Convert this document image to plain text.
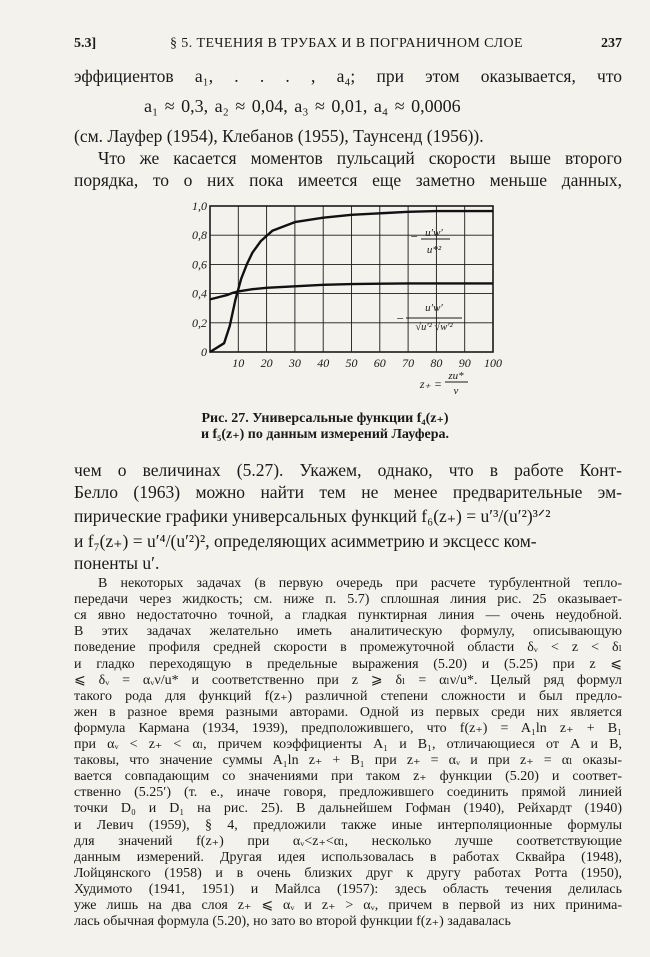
5.3]	§ 5. ТЕЧЕНИЯ В ТРУБАХ И В ПОГРАНИЧНОМ СЛОЕ	237
эффициентов a₁, . . . , a₄; при этом оказывается, что
a₁ ≈ 0,3, a₂ ≈ 0,04, a₃ ≈ 0,01, a₄ ≈ 0,0006
(см. Лауфер (1954), Клебанов (1955), Таунсенд (1956)).
Что же касается моментов пульсаций скорости выше второго
порядка, то о них пока имеется еще заметно меньше данных,
10 20 30 40 50 60 70 80 90 100
0
0,2
0,4
0,6
0,8
1,0
− u′w′
u*²
−
u′w′
√u′² √w′²
z₊ =
zu*
ν
Рис. 27. Универсальные функции f₄(z₊)
и f₅(z₊) по данным измерений Лауфера.
чем о величинах (5.27). Укажем, однако, что в работе Конт-
Белло (1963) можно найти тем не менее предварительные эм-
пирические графики универсальных функций f₆(z₊) = u′³/(u′²)³ᐟ²
и f₇(z₊) = u′⁴/(u′²)², определяющих асимметрию и эксцесс ком-
поненты u′.
В некоторых задачах (в первую очередь при расчете турбулентной тепло-
передачи через жидкость; см. ниже п. 5.7) сплошная линия рис. 25 оказывает-
ся явно недостаточно точной, а гладкая пунктирная линия — очень неудобной.
В этих задачах желательно иметь аналитическую формулу, описывающую
поведение профиля средней скорости в промежуточной области δᵥ < z < δₗ
и гладко переходящую в предельные выражения (5.20) и (5.25) при z ⩽
⩽ δᵥ = αᵥν/u* и соответственно при z ⩾ δₗ = αₗν/u*. Целый ряд формул
такого рода для функций f(z₊) различной степени сложности и был предло-
жен в разное время разными авторами. Одной из первых среди них является
формула Кармана (1934, 1939), предположившего, что f(z₊) = A₁ln z₊ + B₁
при αᵥ < z₊ < αₗ, причем коэффициенты A₁ и B₁, отличающиеся от A и B,
таковы, что значение суммы A₁ln z₊ + B₁ при z₊ = αᵥ и при z₊ = αₗ оказы-
вается совпадающим со значениями при таком z₊ функции (5.20) и соответ-
ственно (5.25′) (т. е., иначе говоря, предложившего соединить прямой линией
точки D₀ и D₁ на рис. 25). В дальнейшем Гофман (1940), Рейхардт (1940)
и Левич (1959), § 4, предложили также иные интерполяционные формулы
для значений f(z₊) при αᵥ<z₊<αₗ, несколько лучше соответствующие
данным измерений. Другая идея использовалась в работах Сквайра (1948),
Лойцянского (1958) и в очень близких друг к другу работах Ротта (1950),
Худимото (1941, 1951) и Майлса (1957): здесь область течения делилась
уже лишь на два слоя z₊ ⩽ αᵥ и z₊ > αᵥ, причем в первой из них принима-
лась обычная формула (5.20), но зато во второй функции f(z₊) задавалась
